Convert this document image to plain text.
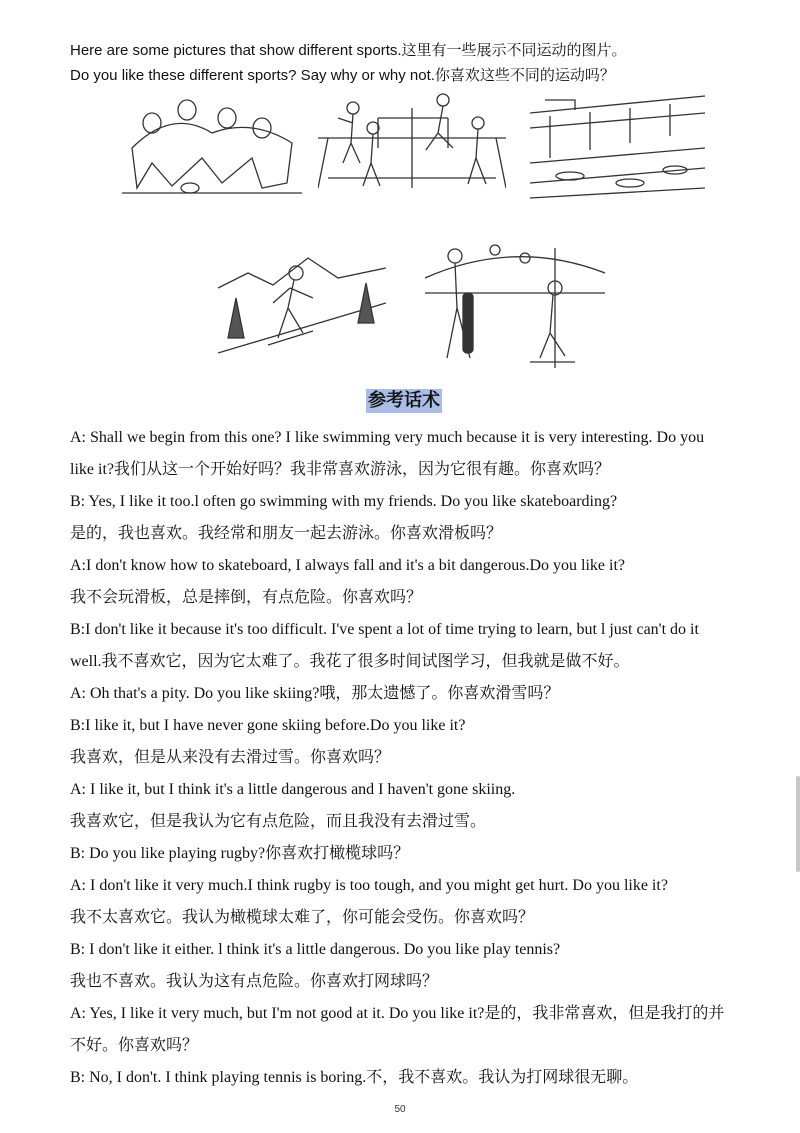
Here are some pictures that show different sports.这里有一些展示不同运动的图片。
Do you like these different sports? Say why or why not.你喜欢这些不同的运动吗？
参考话术
A: Shall we begin from this one? I like swimming very much because it is very interesting. Do you
like it?我们从这一个开始好吗？我非常喜欢游泳，因为它很有趣。你喜欢吗？
B: Yes, I like it too.l often go swimming with my friends. Do you like skateboarding?
是的，我也喜欢。我经常和朋友一起去游泳。你喜欢滑板吗？
A:I don't know how to skateboard, I always fall and it's a bit dangerous.Do you like it?
我不会玩滑板，总是摔倒，有点危险。你喜欢吗？
B:I don't like it because it's too difficult. I've spent a lot of time trying to learn, but l just can't do it
well.我不喜欢它，因为它太难了。我花了很多时间试图学习，但我就是做不好。
A: Oh that's a pity. Do you like skiing?哦，那太遗憾了。你喜欢滑雪吗？
B:I like it, but I have never gone skiing before.Do you like it?
我喜欢，但是从来没有去滑过雪。你喜欢吗？
A: I like it, but I think it's a little dangerous and I haven't gone skiing.
我喜欢它，但是我认为它有点危险，而且我没有去滑过雪。
B: Do you like playing rugby?你喜欢打橄榄球吗？
A: I don't like it very much.I think rugby is too tough, and you might get hurt. Do you like it?
我不太喜欢它。我认为橄榄球太难了，你可能会受伤。你喜欢吗？
B: I don't like it either. l think it's a little dangerous. Do you like play tennis?
我也不喜欢。我认为这有点危险。你喜欢打网球吗？
A: Yes, I like it very much, but I'm not good at it. Do you like it?是的，我非常喜欢，但是我打的并
不好。你喜欢吗？
B: No, I don't. I think playing tennis is boring.不，我不喜欢。我认为打网球很无聊。
50
